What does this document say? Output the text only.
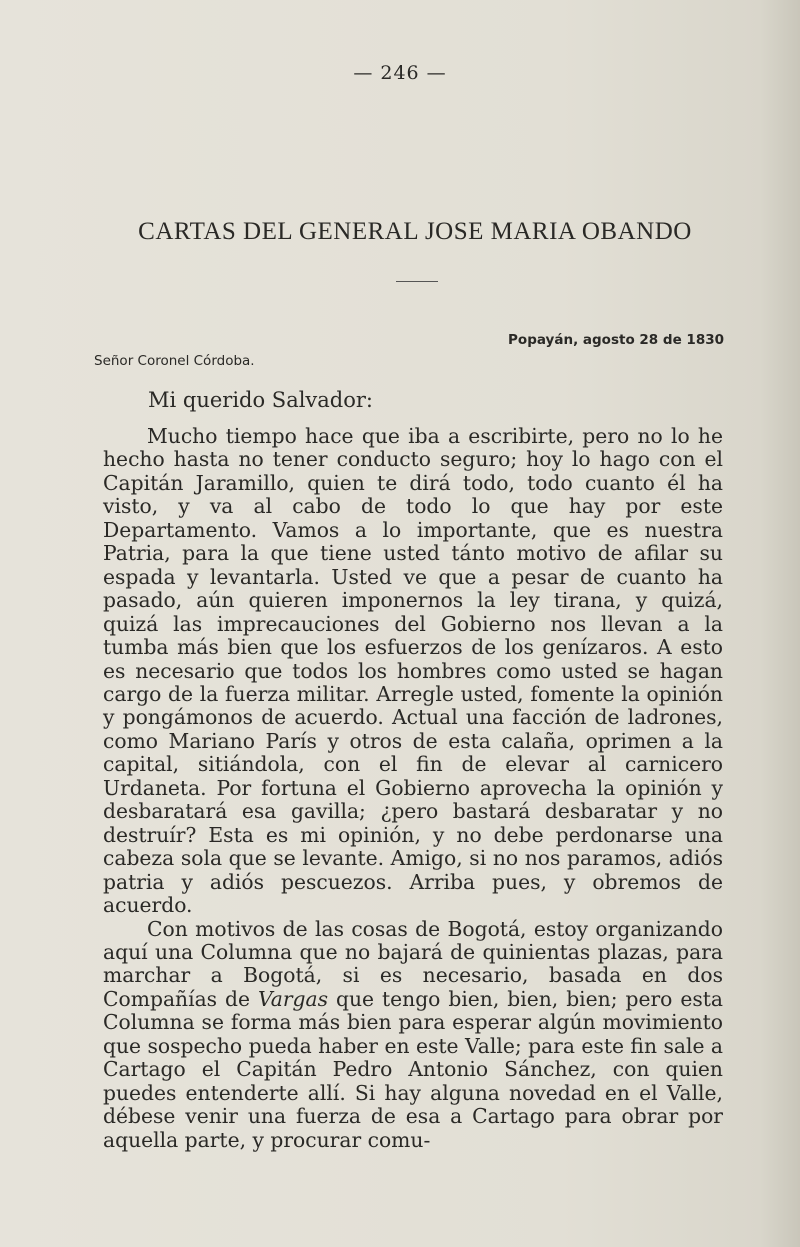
— 246 —
CARTAS DEL GENERAL JOSE MARIA OBANDO
Popayán, agosto 28 de 1830
Señor Coronel Córdoba.
Mi querido Salvador:

Mucho tiempo hace que iba a escribirte, pero no lo he hecho hasta no tener conducto seguro; hoy lo hago con el Capitán Jaramillo, quien te dirá todo, todo cuanto él ha visto, y va al cabo de todo lo que hay por este Departamento. Vamos a lo importante, que es nuestra Patria, para la que tiene usted tánto motivo de afilar su espada y levantarla. Usted ve que a pesar de cuanto ha pasado, aún quieren imponernos la ley tirana, y quizá, quizá las imprecauciones del Gobierno nos llevan a la tumba más bien que los esfuerzos de los genízaros. A esto es necesario que todos los hombres como usted se hagan cargo de la fuerza militar. Arregle usted, fomente la opinión y pongámonos de acuerdo. Actual una facción de ladrones, como Mariano París y otros de esta calaña, oprimen a la capital, sitiándola, con el fin de elevar al carnicero Urdaneta. Por fortuna el Gobierno aprovecha la opinión y desbaratará esa gavilla; ¿pero bastará desbaratar y no destruír? Esta es mi opinión, y no debe perdonarse una cabeza sola que se levante. Amigo, si no nos paramos, adiós patria y adiós pescuezos. Arriba pues, y obremos de acuerdo.

Con motivos de las cosas de Bogotá, estoy organizando aquí una Columna que no bajará de quinientas plazas, para marchar a Bogotá, si es necesario, basada en dos Compañías de Vargas que tengo bien, bien, bien; pero esta Columna se forma más bien para esperar algún movimiento que sospecho pueda haber en este Valle; para este fin sale a Cartago el Capitán Pedro Antonio Sánchez, con quien puedes entenderte allí. Si hay alguna novedad en el Valle, débese venir una fuerza de esa a Cartago para obrar por aquella parte, y procurar comu-
